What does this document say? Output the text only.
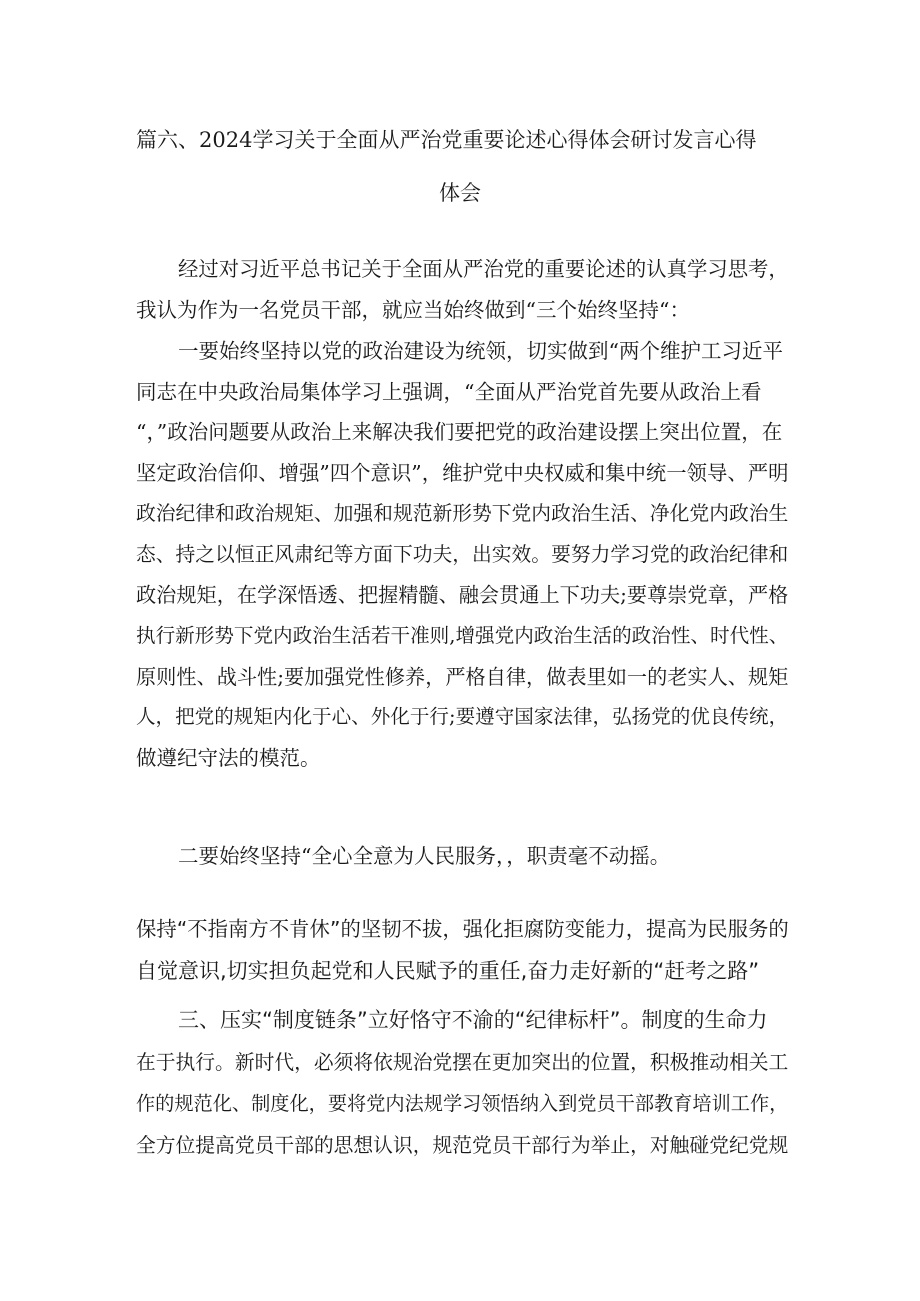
篇六、2024学习关于全面从严治党重要论述心得体会研讨发言心得
体会

经过对习近平总书记关于全面从严治党的重要论述的认真学习思考，
我认为作为一名党员干部，就应当始终做到“三个始终坚持“：

一要始终坚持以党的政治建设为统领，切实做到“两个维护工习近平
同志在中央政治局集体学习上强调，“全面从严治党首先要从政治上看
“，”政治问题要从政治上来解决我们要把党的政治建设摆上突出位置，在
坚定政治信仰、增强”四个意识”，维护党中央权威和集中统一领导、严明
政治纪律和政治规矩、加强和规范新形势下党内政治生活、净化党内政治生
态、持之以恒正风肃纪等方面下功夫，出实效。要努力学习党的政治纪律和
政治规矩，在学深悟透、把握精髓、融会贯通上下功夫;要尊崇党章，严格
执行新形势下党内政治生活若干准则,增强党内政治生活的政治性、时代性、
原则性、战斗性;要加强党性修养，严格自律，做表里如一的老实人、规矩
人，把党的规矩内化于心、外化于行;要遵守国家法律，弘扬党的优良传统，
做遵纪守法的模范。

二要始终坚持“全心全意为人民服务，，职责毫不动摇。

保持“不指南方不肯休”的坚韧不拔，强化拒腐防变能力，提高为民服务的
自觉意识,切实担负起党和人民赋予的重任,奋力走好新的“赶考之路”

三、压实“制度链条”立好恪守不渝的“纪律标杆”。制度的生命力
在于执行。新时代，必须将依规治党摆在更加突出的位置，积极推动相关工
作的规范化、制度化，要将党内法规学习领悟纳入到党员干部教育培训工作，
全方位提高党员干部的思想认识，规范党员干部行为举止，对触碰党纪党规
